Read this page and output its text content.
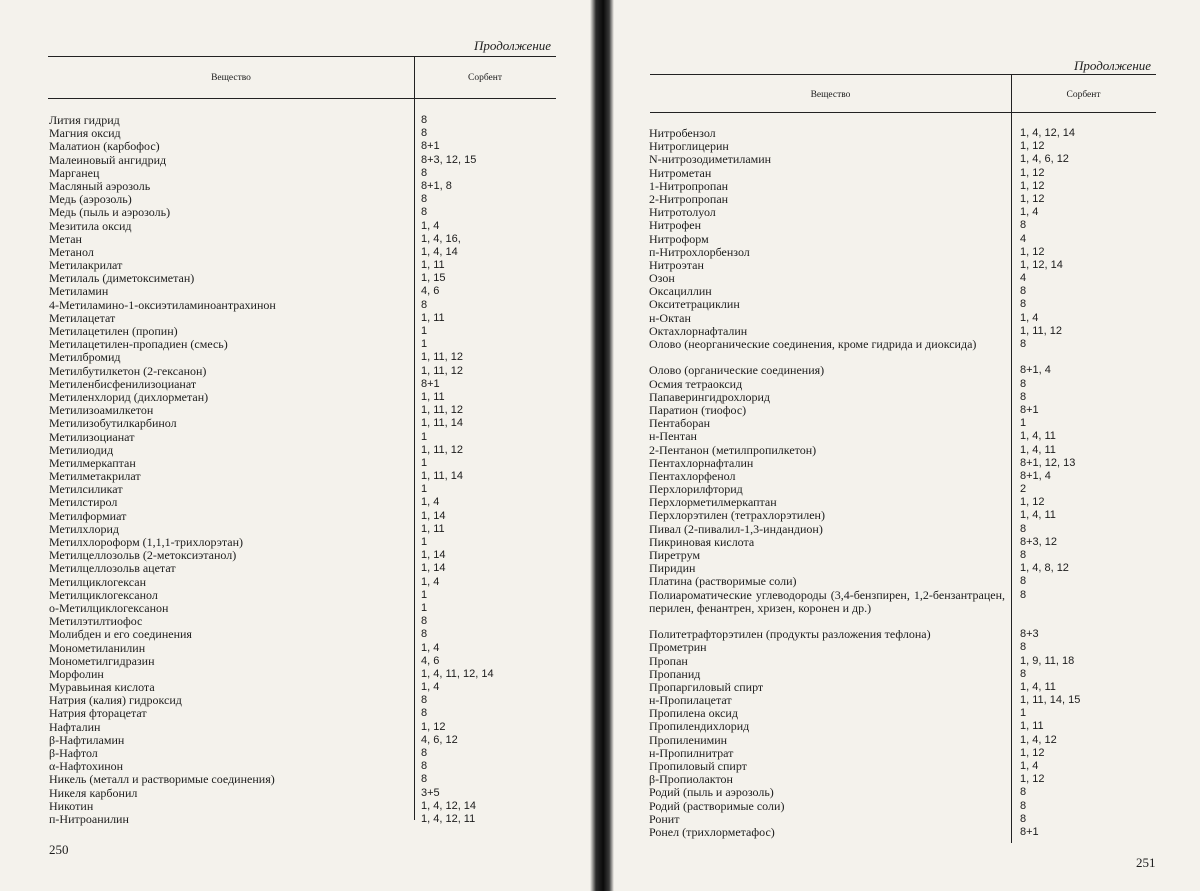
Продолжение
Вещество	Сорбент
Лития гидрид	8
Магния оксид	8
Малатион (карбофос)	8+1
Малеиновый ангидрид	8+3, 12, 15
Марганец	8
Масляный аэрозоль	8+1, 8
Медь (аэрозоль)	8
Медь (пыль и аэрозоль)	8
Мезитила оксид	1, 4
Метан	1, 4, 16,
Метанол	1, 4, 14
Метилакрилат	1, 11
Метилаль (диметоксиметан)	1, 15
Метиламин	4, 6
4-Метиламино-1-оксиэтиламиноантрахинон	8
Метилацетат	1, 11
Метилацетилен (пропин)	1
Метилацетилен-пропадиен (смесь)	1
Метилбромид	1, 11, 12
Метилбутилкетон (2-гексанон)	1, 11, 12
Метиленбисфенилизоцианат	8+1
Метиленхлорид (дихлорметан)	1, 11
Метилизоамилкетон	1, 11, 12
Метилизобутилкарбинол	1, 11, 14
Метилизоцианат	1
Метилиодид	1, 11, 12
Метилмеркаптан	1
Метилметакрилат	1, 11, 14
Метилсиликат	1
Метилстирол	1, 4
Метилформиат	1, 14
Метилхлорид	1, 11
Метилхлороформ (1,1,1-трихлорэтан)	1
Метилцеллозольв (2-метоксиэтанол)	1, 14
Метилцеллозольв ацетат	1, 14
Метилциклогексан	1, 4
Метилциклогексанол	1
о-Метилциклогексанон	1
Метилэтилтиофос	8
Молибден и его соединения	8
Монометиланилин	1, 4
Монометилгидразин	4, 6
Морфолин	1, 4, 11, 12, 14
Муравьиная кислота	1, 4
Натрия (калия) гидроксид	8
Натрия фторацетат	8
Нафталин	1, 12
β-Нафтиламин	4, 6, 12
β-Нафтол	8
α-Нафтохинон	8
Никель (металл и растворимые соединения)	8
Никеля карбонил	3+5
Никотин	1, 4, 12, 14
п-Нитроанилин	1, 4, 12, 11
250
Продолжение
Вещество	Сорбент
Нитробензол	1, 4, 12, 14
Нитроглицерин	1, 12
N-нитрозодиметиламин	1, 4, 6, 12
Нитрометан	1, 12
1-Нитропропан	1, 12
2-Нитропропан	1, 12
Нитротолуол	1, 4
Нитрофен	8
Нитроформ	4
п-Нитрохлорбензол	1, 12
Нитроэтан	1, 12, 14
Озон	4
Оксациллин	8
Окситетрациклин	8
н-Октан	1, 4
Октахлорнафталин	1, 11, 12
Олово (неорганические соединения, кроме гидрида и диоксида)	8
Олово (органические соединения)	8+1, 4
Осмия тетраоксид	8
Папаверингидрохлорид	8
Паратион (тиофос)	8+1
Пентаборан	1
н-Пентан	1, 4, 11
2-Пентанон (метилпропилкетон)	1, 4, 11
Пентахлорнафталин	8+1, 12, 13
Пентахлорфенол	8+1, 4
Перхлорилфторид	2
Перхлорметилмеркаптан	1, 12
Перхлорэтилен (тетрахлорэтилен)	1, 4, 11
Пивал (2-пивалил-1,3-индандион)	8
Пикриновая кислота	8+3, 12
Пиретрум	8
Пиридин	1, 4, 8, 12
Платина (растворимые соли)	8
Полиароматические углеводороды (3,4-бензпирен, 1,2-бензантрацен, перилен, фенантрен, хризен, коронен и др.)
8
Политетрафторэтилен (продукты разложения тефлона)	8+3
Прометрин	8
Пропан	1, 9, 11, 18
Пропанид	8
Пропаргиловый спирт	1, 4, 11
н-Пропилацетат	1, 11, 14, 15
Пропилена оксид	1
Пропилендихлорид	1, 11
Пропиленимин	1, 4, 12
н-Пропилнитрат	1, 12
Пропиловый спирт	1, 4
β-Пропиолактон	1, 12
Родий (пыль и аэрозоль)	8
Родий (растворимые соли)	8
Ронит	8
Ронел (трихлорметафос)	8+1
251
